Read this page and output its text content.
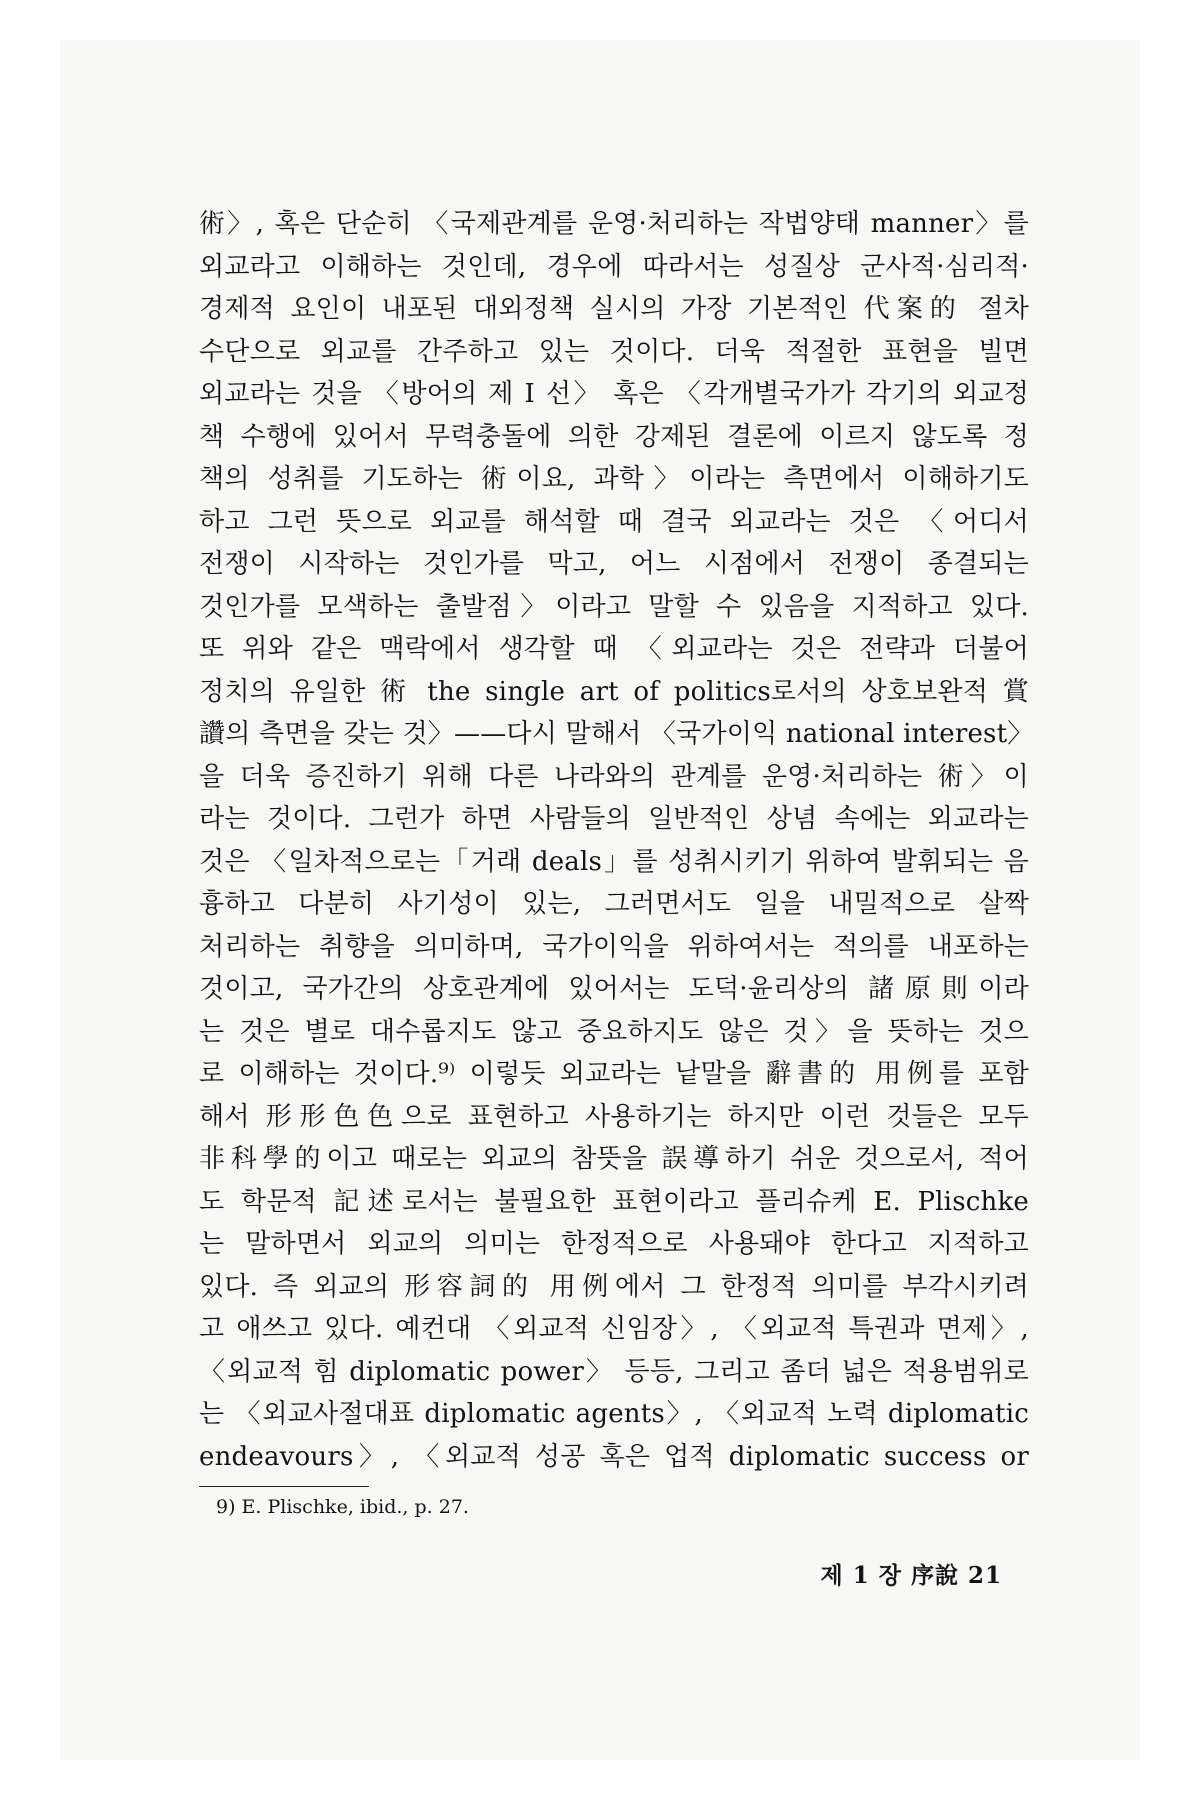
術〉, 혹은 단순히 〈국제관계를 운영·처리하는 작법양태 manner〉를
외교라고 이해하는 것인데, 경우에 따라서는 성질상 군사적·심리적·
경제적 요인이 내포된 대외정책 실시의 가장 기본적인 代案的 절차
수단으로 외교를 간주하고 있는 것이다. 더욱 적절한 표현을 빌면
외교라는 것을 〈방어의 제 I 선〉 혹은 〈각개별국가가 각기의 외교정
책 수행에 있어서 무력충돌에 의한 강제된 결론에 이르지 않도록 정
책의 성취를 기도하는 術이요, 과학〉이라는 측면에서 이해하기도
하고 그런 뜻으로 외교를 해석할 때 결국 외교라는 것은 〈어디서
전쟁이 시작하는 것인가를 막고, 어느 시점에서 전쟁이 종결되는
것인가를 모색하는 출발점〉이라고 말할 수 있음을 지적하고 있다.
또 위와 같은 맥락에서 생각할 때 〈외교라는 것은 전략과 더불어
정치의 유일한 術 the single art of politics로서의 상호보완적 賞
讚의 측면을 갖는 것〉——다시 말해서 〈국가이익 national interest〉
을 더욱 증진하기 위해 다른 나라와의 관계를 운영·처리하는 術〉이
라는 것이다. 그런가 하면 사람들의 일반적인 상념 속에는 외교라는
것은 〈일차적으로는「거래 deals」를 성취시키기 위하여 발휘되는 음
흉하고 다분히 사기성이 있는, 그러면서도 일을 내밀적으로 살짝
처리하는 취향을 의미하며, 국가이익을 위하여서는 적의를 내포하는
것이고, 국가간의 상호관계에 있어서는 도덕·윤리상의 諸原則이라
는 것은 별로 대수롭지도 않고 중요하지도 않은 것〉을 뜻하는 것으
로 이해하는 것이다.⁹⁾ 이렇듯 외교라는 낱말을 辭書的 用例를 포함
해서 形形色色으로 표현하고 사용하기는 하지만 이런 것들은 모두
非科學的이고 때로는 외교의 참뜻을 誤導하기 쉬운 것으로서, 적어
도 학문적 記述로서는 불필요한 표현이라고 플리슈케 E. Plischke
는 말하면서 외교의 의미는 한정적으로 사용돼야 한다고 지적하고
있다. 즉 외교의 形容詞的 用例에서 그 한정적 의미를 부각시키려
고 애쓰고 있다. 예컨대 〈외교적 신임장〉, 〈외교적 특권과 면제〉,
〈외교적 힘 diplomatic power〉 등등, 그리고 좀더 넓은 적용범위로
는 〈외교사절대표 diplomatic agents〉, 〈외교적 노력 diplomatic
endeavours〉, 〈외교적 성공 혹은 업적 diplomatic success or
9) E. Plischke, ibid., p. 27.
제 1 장 序說 21
